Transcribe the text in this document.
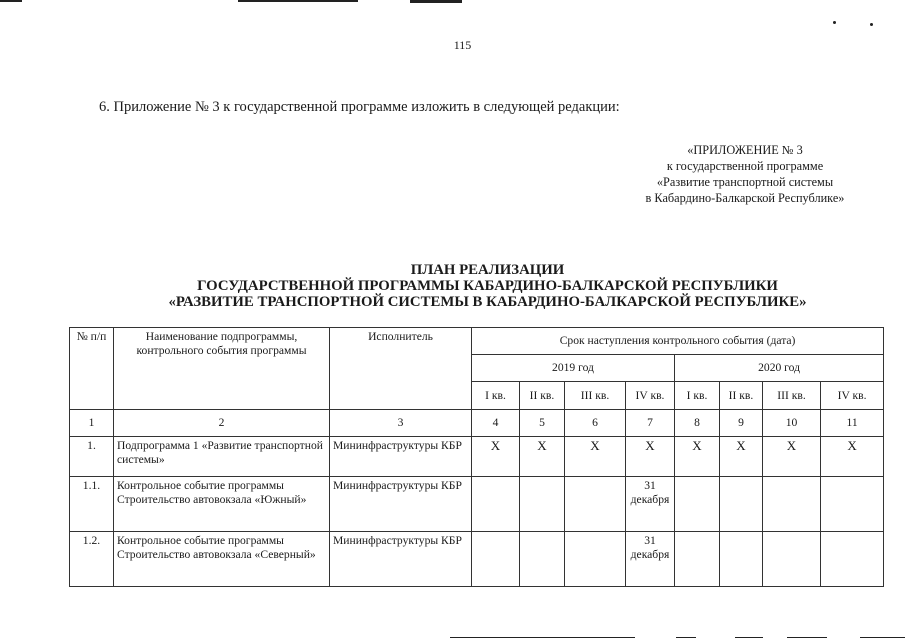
115
6. Приложение № 3 к государственной программе изложить в следующей редакции:
«ПРИЛОЖЕНИЕ № 3
к государственной программе
«Развитие транспортной системы
в Кабардино-Балкарской Республике»
ПЛАН РЕАЛИЗАЦИИ
ГОСУДАРСТВЕННОЙ ПРОГРАММЫ КАБАРДИНО-БАЛКАРСКОЙ РЕСПУБЛИКИ
«РАЗВИТИЕ ТРАНСПОРТНОЙ СИСТЕМЫ В КАБАРДИНО-БАЛКАРСКОЙ РЕСПУБЛИКЕ»
№ п/п	Наименование подпрограммы, контрольного события программы	Исполнитель	Срок наступления контрольного события (дата)							
			2019 год				2020 год			
			I кв.	II кв.	III кв.	IV кв.	I кв.	II кв.	III кв.	IV кв.
1	2	3	4	5	6	7	8	9	10	11
1.	Подпрограмма 1 «Развитие транспортной системы»	Мининфраструктуры КБР	X	X	X	X	X	X	X	X
1.1.	Контрольное событие программы Строительство автовокзала «Южный»	Мининфраструктуры КБР				31 декабря				
1.2.	Контрольное событие программы Строительство автовокзала «Северный»	Мининфраструктуры КБР				31 декабря				
